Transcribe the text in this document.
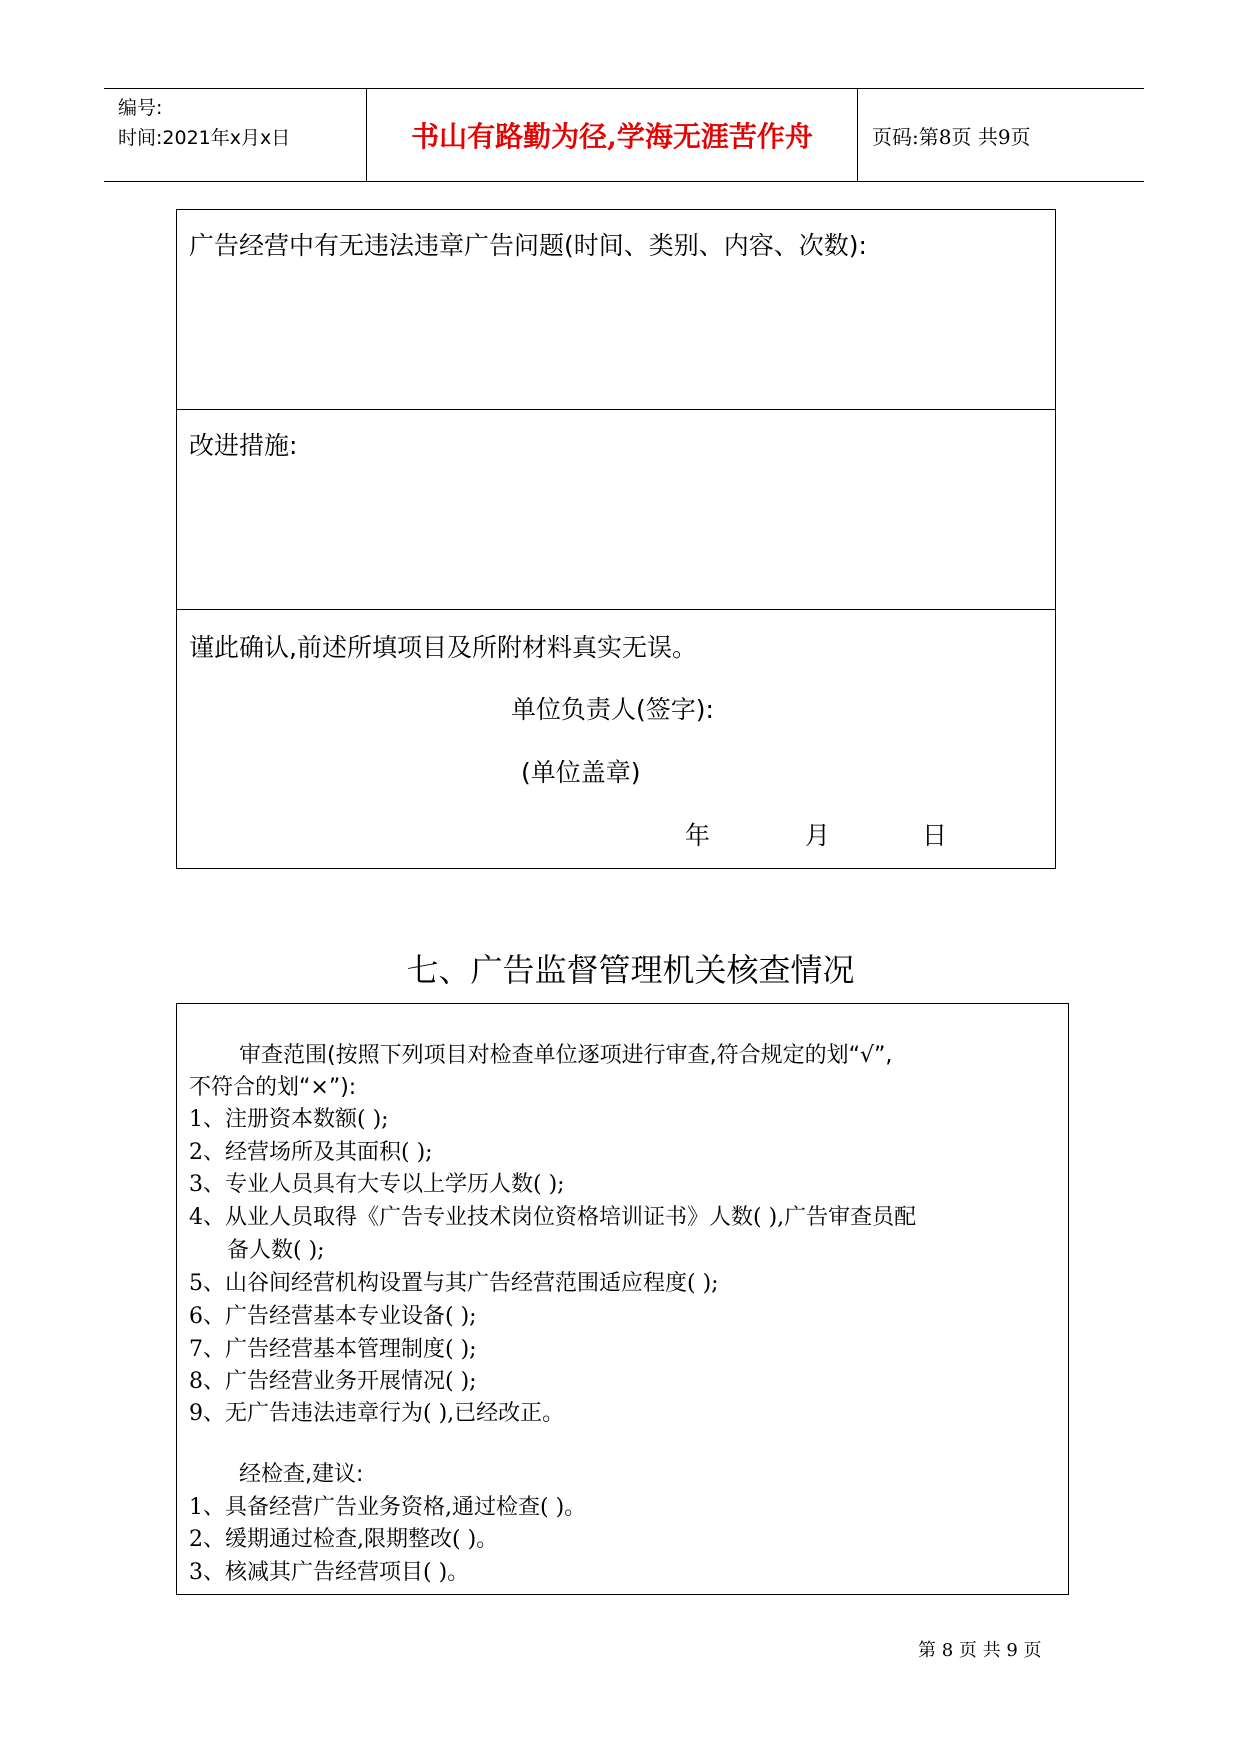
编号:
时间:2021年x月x日	书山有路勤为径,学海无涯苦作舟	页码:第8页 共9页
广告经营中有无违法违章广告问题(时间、类别、内容、次数):
改进措施:
谨此确认,前述所填项目及所附材料真实无误。
单位负责人(签字):
(单位盖章)
年	月	日
七、广告监督管理机关核查情况
审查范围(按照下列项目对检查单位逐项进行审查,符合规定的划“√”,
不符合的划“×”):
1、注册资本数额( );
2、经营场所及其面积( );
3、专业人员具有大专以上学历人数( );
4、从业人员取得《广告专业技术岗位资格培训证书》人数( ),广告审查员配
备人数( );
5、山谷间经营机构设置与其广告经营范围适应程度( );
6、广告经营基本专业设备( );
7、广告经营基本管理制度( );
8、广告经营业务开展情况( );
9、无广告违法违章行为( ),已经改正。
经检查,建议:
1、具备经营广告业务资格,通过检查( )。
2、缓期通过检查,限期整改( )。
3、核减其广告经营项目( )。
第 8 页 共 9 页
